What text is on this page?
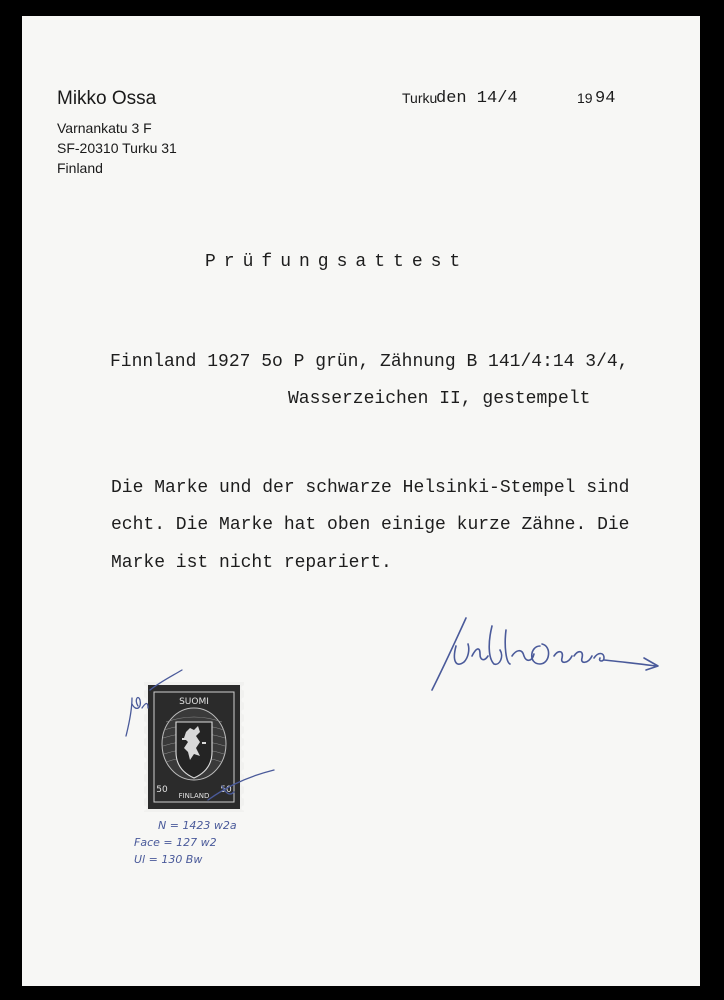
Mikko Ossa
Varnankatu 3 F
SF-20310 Turku 31
Finland
Turku
den 14/4	19 94
Prüfungsattest
Finnland 1927 5o P grün, Zähnung B 141/4:14 3/4,
Wasserzeichen II, gestempelt
Die Marke und der schwarze Helsinki-Stempel sind
echt. Die Marke hat oben einige kurze Zähne. Die
Marke ist nicht repariert.
SUOMI
50	50
FINLAND
N = 1423 w2a
Face = 127 w2
Ul = 130 Bw
